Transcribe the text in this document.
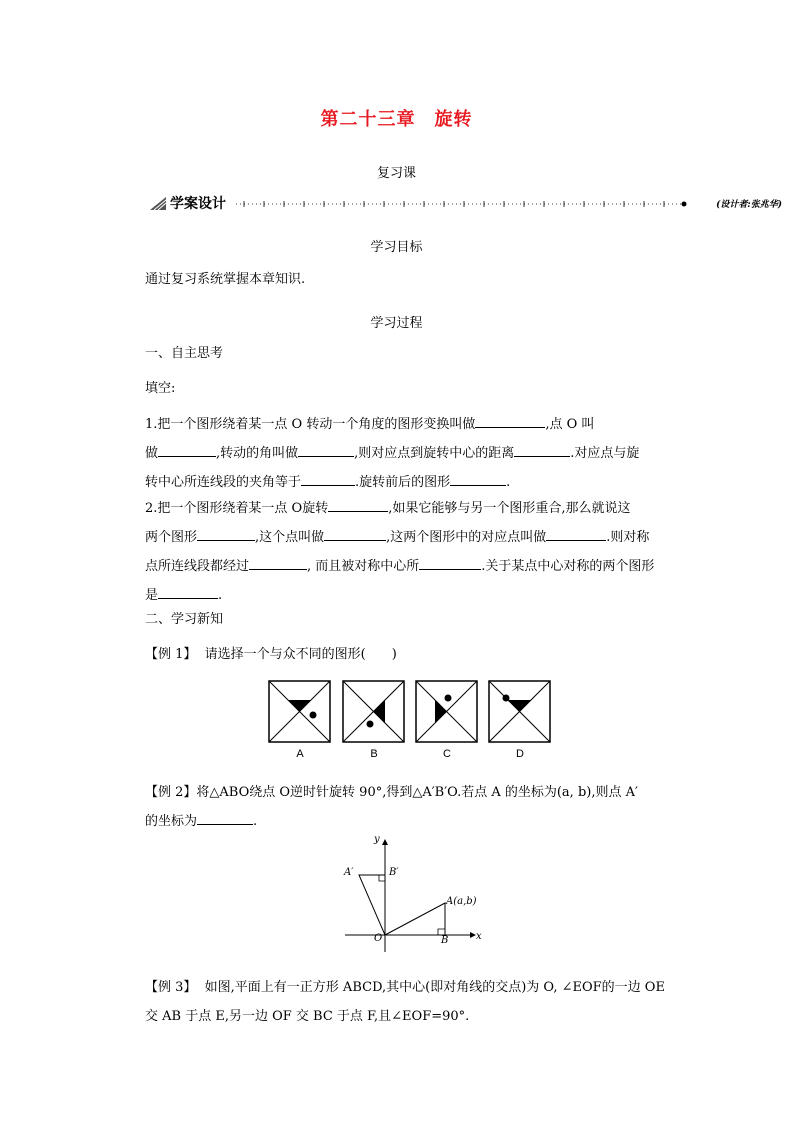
第二十三章　旋转
复习课
学案设计	(设计者:张兆华)
学习目标
通过复习系统掌握本章知识.
学习过程
一、自主思考
填空:
1.把一个图形绕着某一点 O 转动一个角度的图形变换叫做	,点 O 叫
做	,转动的角叫做	,则对应点到旋转中心的距离	.对应点与旋
转中心所连线段的夹角等于	.旋转前后的图形	.
2.把一个图形绕着某一点 O旋转	,如果它能够与另一个图形重合,那么就说这
两个图形	,这个点叫做	,这两个图形中的对应点叫做	.则对称
点所连线段都经过	, 而且被对称中心所	.关于某点中心对称的两个图形
是	.
二、学习新知
【例 1】 请选择一个与众不同的图形(　　)
A	B	C	D
【例 2】将△ABO绕点 O逆时针旋转 90°,得到△A′B′O.若点 A 的坐标为(a, b),则点 A′
的坐标为	.
y
x
O
A′	B′
A(a,b)
B
【例 3】 如图,平面上有一正方形 ABCD,其中心(即对角线的交点)为 O, ∠EOF的一边 OE
交 AB 于点 E,另一边 OF 交 BC 于点 F,且∠EOF=90°.
